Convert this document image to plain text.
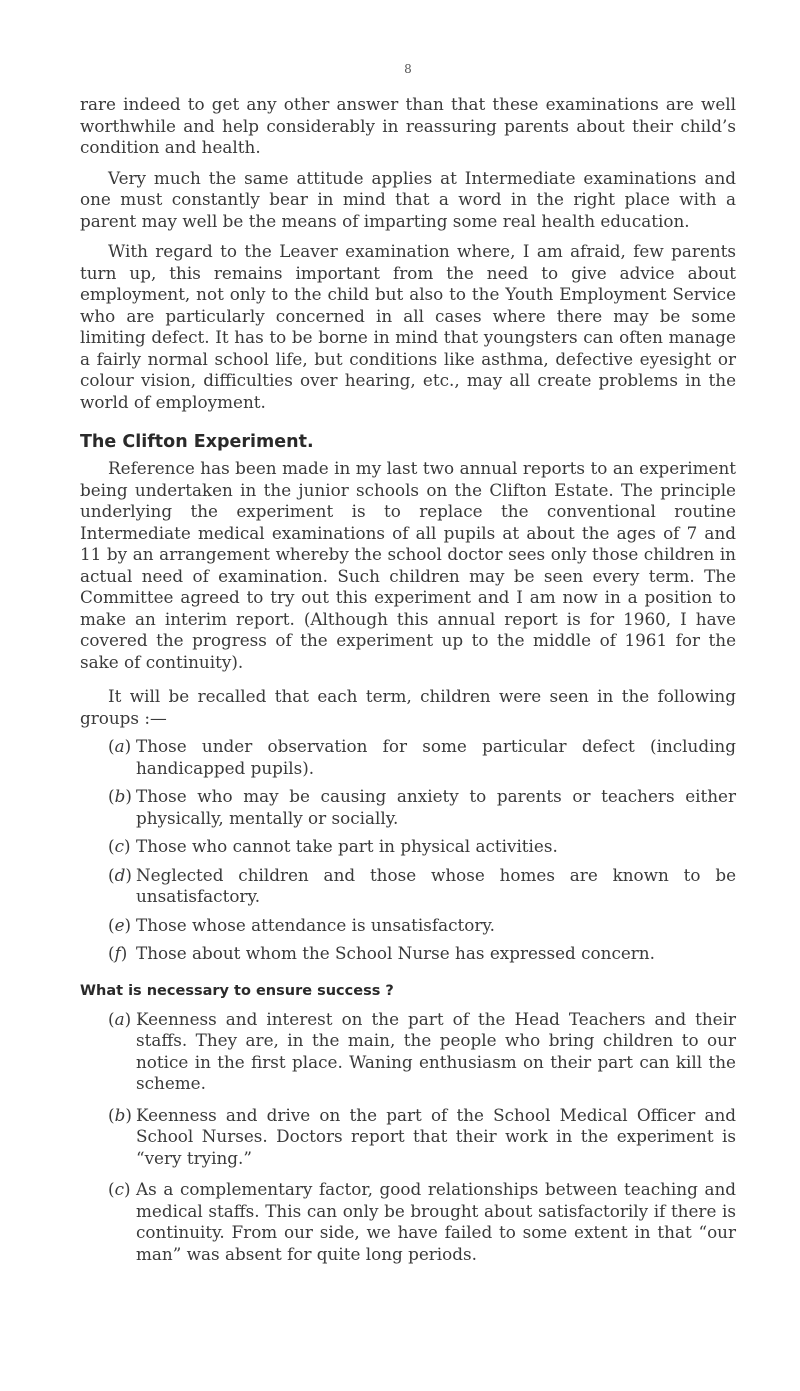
8

rare indeed to get any other answer than that these examinations are well worthwhile and help considerably in reassuring parents about their child’s condition and health.

Very much the same attitude applies at Intermediate examinations and one must constantly bear in mind that a word in the right place with a parent may well be the means of imparting some real health education.

With regard to the Leaver examination where, I am afraid, few parents turn up, this remains important from the need to give advice about employment, not only to the child but also to the Youth Employment Service who are particularly concerned in all cases where there may be some limiting defect. It has to be borne in mind that youngsters can often manage a fairly normal school life, but conditions like asthma, defective eyesight or colour vision, difficulties over hearing, etc., may all create problems in the world of employment.

The Clifton Experiment.

Reference has been made in my last two annual reports to an experiment being undertaken in the junior schools on the Clifton Estate. The principle underlying the experiment is to replace the conventional routine Intermediate medical examinations of all pupils at about the ages of 7 and 11 by an arrangement whereby the school doctor sees only those children in actual need of examination. Such children may be seen every term. The Committee agreed to try out this experiment and I am now in a position to make an interim report. (Although this annual report is for 1960, I have covered the progress of the experiment up to the middle of 1961 for the sake of continuity).

It will be recalled that each term, children were seen in the following groups :—

(a) Those under observation for some particular defect (including handicapped pupils).
(b) Those who may be causing anxiety to parents or teachers either physically, mentally or socially.
(c) Those who cannot take part in physical activities.
(d) Neglected children and those whose homes are known to be unsatisfactory.
(e) Those whose attendance is unsatisfactory.
(f) Those about whom the School Nurse has expressed concern.
What is necessary to ensure success ?
(a) Keenness and interest on the part of the Head Teachers and their staffs. They are, in the main, the people who bring children to our notice in the first place. Waning enthusiasm on their part can kill the scheme.
(b) Keenness and drive on the part of the School Medical Officer and School Nurses. Doctors report that their work in the experiment is “very trying.”
(c) As a complementary factor, good relationships between teaching and medical staffs. This can only be brought about satisfactorily if there is continuity. From our side, we have failed to some extent in that “our man” was absent for quite long periods.
